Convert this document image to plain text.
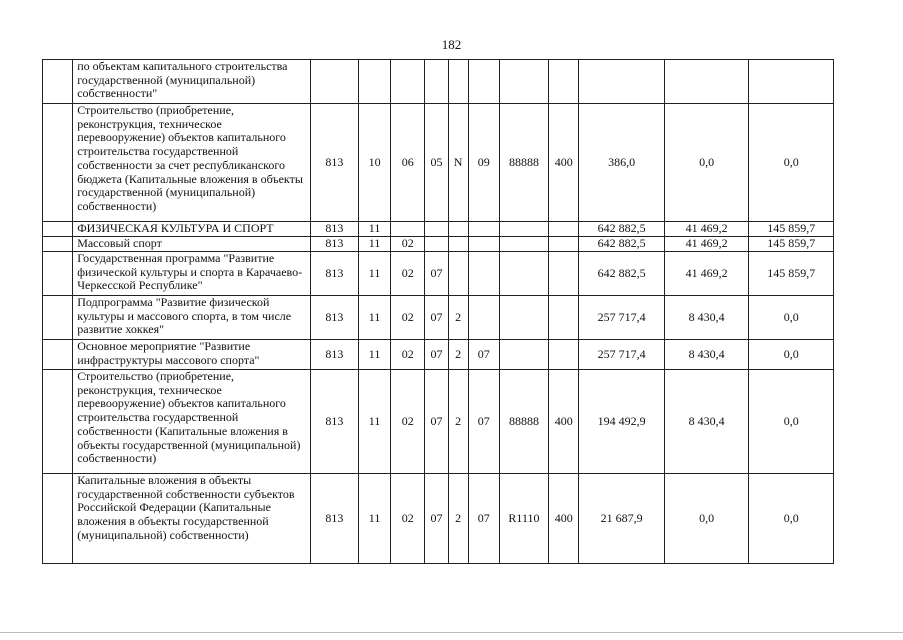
182
	по объектам капитального строительства государственной (муниципальной) собственности"											
	Строительство (приобретение, реконструкция, техническое перевооружение) объектов капитального строительства государственной собственности за счет республиканского бюджета (Капитальные вложения в объекты государственной (муниципальной) собственности)	813	10	06	05	N	09	88888	400	386,0	0,0	0,0
	ФИЗИЧЕСКАЯ КУЛЬТУРА И СПОРТ	813	11							642 882,5	41 469,2	145 859,7
	Массовый спорт	813	11	02						642 882,5	41 469,2	145 859,7
	Государственная программа "Развитие физической культуры и спорта в Карачаево-Черкесской Республике"	813	11	02	07					642 882,5	41 469,2	145 859,7
	Подпрограмма "Развитие физической культуры и массового спорта, в том числе развитие хоккея"	813	11	02	07	2				257 717,4	8 430,4	0,0
	Основное мероприятие "Развитие инфраструктуры массового спорта"	813	11	02	07	2	07			257 717,4	8 430,4	0,0
	Строительство (приобретение, реконструкция, техническое перевооружение) объектов капитального строительства государственной собственности (Капитальные вложения в объекты государственной (муниципальной) собственности)	813	11	02	07	2	07	88888	400	194 492,9	8 430,4	0,0
	Капитальные вложения в объекты государственной собственности субъектов Российской Федерации (Капитальные вложения в объекты государственной (муниципальной) собственности)	813	11	02	07	2	07	R1110	400	21 687,9	0,0	0,0
